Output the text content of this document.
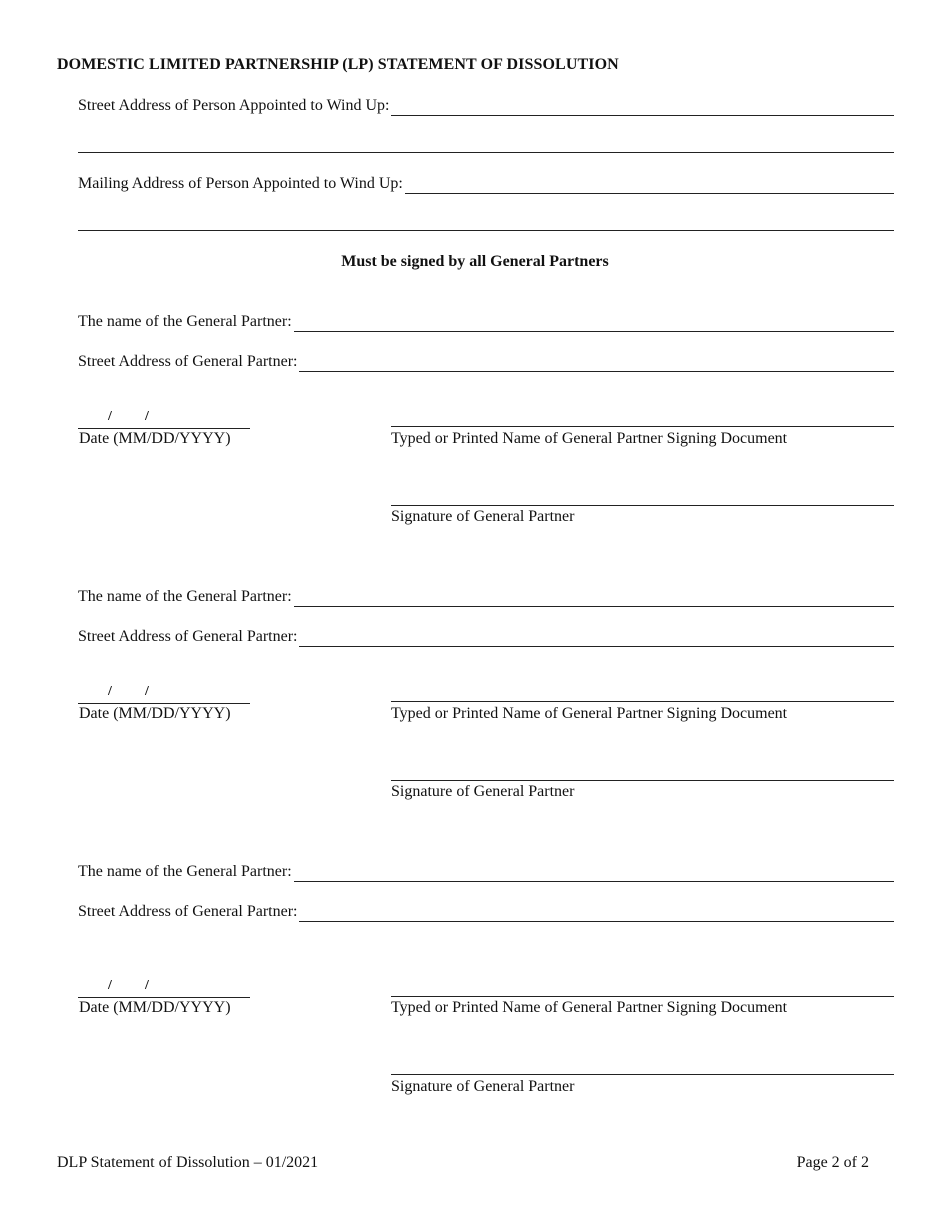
DOMESTIC LIMITED PARTNERSHIP (LP) STATEMENT OF DISSOLUTION
Street Address of Person Appointed to Wind Up:
Mailing Address of Person Appointed to Wind Up:
Must be signed by all General Partners
The name of the General Partner:
Street Address of General Partner:
/ /
Date (MM/DD/YYYY)	Typed or Printed Name of General Partner Signing Document
Signature of General Partner
The name of the General Partner:
Street Address of General Partner:
/ /
Date (MM/DD/YYYY)	Typed or Printed Name of General Partner Signing Document
Signature of General Partner
The name of the General Partner:
Street Address of General Partner:
/ /
Date (MM/DD/YYYY)	Typed or Printed Name of General Partner Signing Document
Signature of General Partner
DLP Statement of Dissolution – 01/2021	Page 2 of 2
